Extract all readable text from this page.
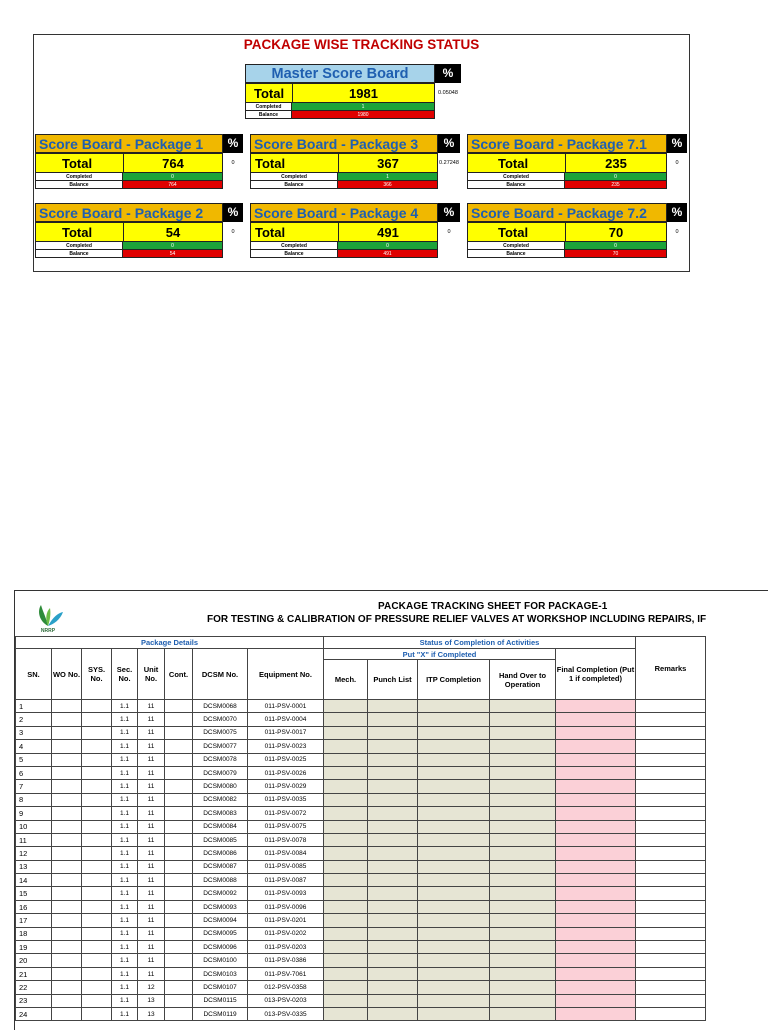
PACKAGE WISE TRACKING STATUS
Master Score Board	%
0.05048
Total	1981
Completed	1
Balance	1980
Score Board - Package 1	%
0
Total	764
Completed	0
Balance	764
Score Board - Package 3	%
0.27248
Total	367
Completed	1
Balance	366
Score Board - Package 7.1	%
0
Total	235
Completed	0
Balance	235
Score Board - Package 2	%
0
Total	54
Completed	0
Balance	54
Score Board - Package 4	%
0
Total	491
Completed	0
Balance	491
Score Board - Package 7.2	%
0
Total	70
Completed	0
Balance	70
NRRP
PACKAGE TRACKING SHEET FOR PACKAGE-1
FOR TESTING & CALIBRATION OF PRESSURE RELIEF VALVES AT WORKSHOP INCLUDING REPAIRS, IF
Package Details								Status of Completion of Activities					Remarks
SN.	WO No.	SYS. No.	Sec. No.	Unit No.	Cont.	DCSM No.	Equipment No.	Put "X" if Completed				Final Completion (Put 1 if completed)	
								Mech.	Punch List	ITP Completion	Hand Over to Operation		
1			1.1	11		DCSM0068	011-PSV-0001						
2			1.1	11		DCSM0070	011-PSV-0004						
3			1.1	11		DCSM0075	011-PSV-0017						
4			1.1	11		DCSM0077	011-PSV-0023						
5			1.1	11		DCSM0078	011-PSV-0025						
6			1.1	11		DCSM0079	011-PSV-0026						
7			1.1	11		DCSM0080	011-PSV-0029						
8			1.1	11		DCSM0082	011-PSV-0035						
9			1.1	11		DCSM0083	011-PSV-0072						
10			1.1	11		DCSM0084	011-PSV-0075						
11			1.1	11		DCSM0085	011-PSV-0078						
12			1.1	11		DCSM0086	011-PSV-0084						
13			1.1	11		DCSM0087	011-PSV-0085						
14			1.1	11		DCSM0088	011-PSV-0087						
15			1.1	11		DCSM0092	011-PSV-0093						
16			1.1	11		DCSM0093	011-PSV-0096						
17			1.1	11		DCSM0094	011-PSV-0201						
18			1.1	11		DCSM0095	011-PSV-0202						
19			1.1	11		DCSM0096	011-PSV-0203						
20			1.1	11		DCSM0100	011-PSV-0386						
21			1.1	11		DCSM0103	011-PSV-7061						
22			1.1	12		DCSM0107	012-PSV-0358						
23			1.1	13		DCSM0115	013-PSV-0203						
24			1.1	13		DCSM0119	013-PSV-0335						
